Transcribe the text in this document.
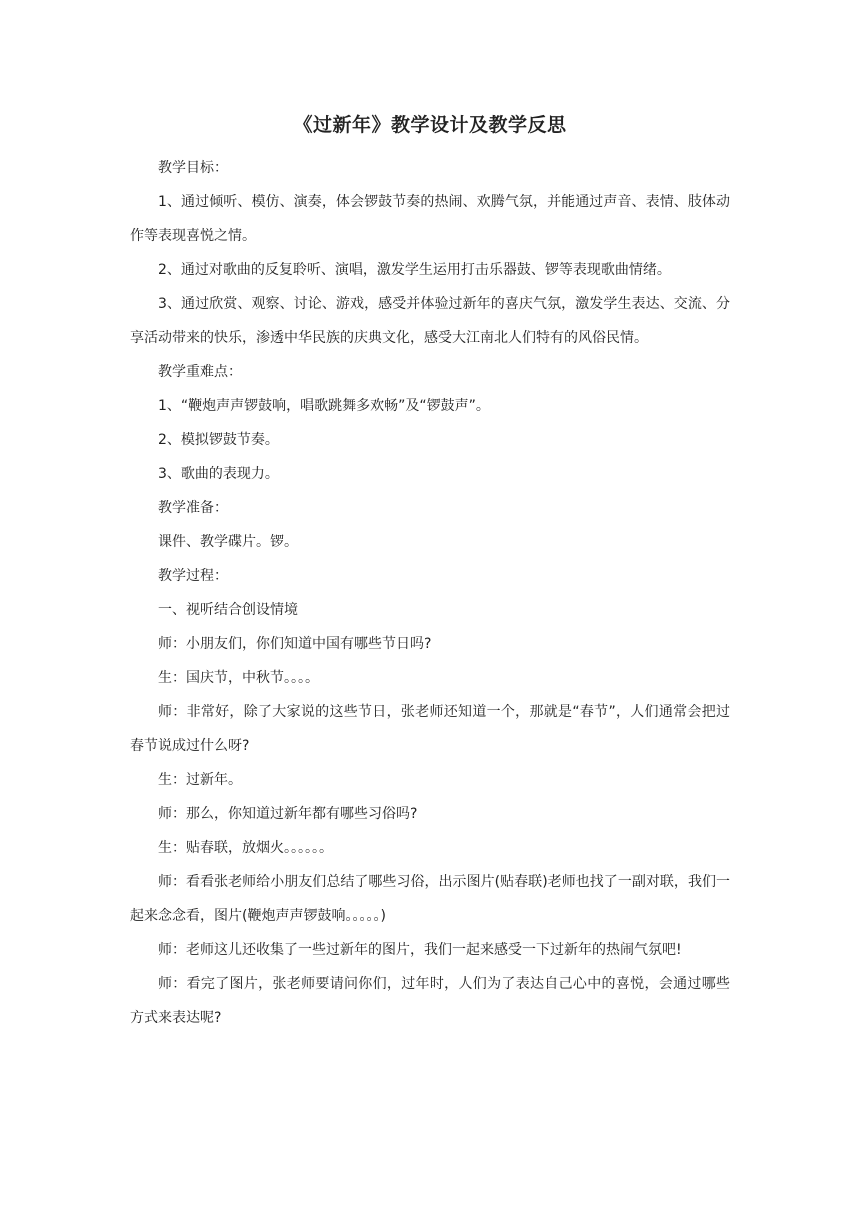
《过新年》教学设计及教学反思

教学目标：

1、通过倾听、模仿、演奏，体会锣鼓节奏的热闹、欢腾气氛，并能通过声音、表情、肢体动作等表现喜悦之情。

2、通过对歌曲的反复聆听、演唱，激发学生运用打击乐器鼓、锣等表现歌曲情绪。

3、通过欣赏、观察、讨论、游戏，感受并体验过新年的喜庆气氛，激发学生表达、交流、分享活动带来的快乐，渗透中华民族的庆典文化，感受大江南北人们特有的风俗民情。

教学重难点：

1、“鞭炮声声锣鼓响，唱歌跳舞多欢畅”及“锣鼓声”。

2、模拟锣鼓节奏。

3、歌曲的表现力。

教学准备：

课件、教学碟片。锣。

教学过程：

一、视听结合创设情境

师：小朋友们，你们知道中国有哪些节日吗?

生：国庆节，中秋节。。。。

师：非常好，除了大家说的这些节日，张老师还知道一个，那就是“春节”，人们通常会把过春节说成过什么呀?

生：过新年。

师：那么，你知道过新年都有哪些习俗吗?

生：贴春联，放烟火。。。。。。

师：看看张老师给小朋友们总结了哪些习俗，出示图片(贴春联)老师也找了一副对联，我们一起来念念看，图片(鞭炮声声锣鼓响。。。。。)

师：老师这儿还收集了一些过新年的图片，我们一起来感受一下过新年的热闹气氛吧!

师：看完了图片，张老师要请问你们，过年时，人们为了表达自己心中的喜悦，会通过哪些方式来表达呢?
